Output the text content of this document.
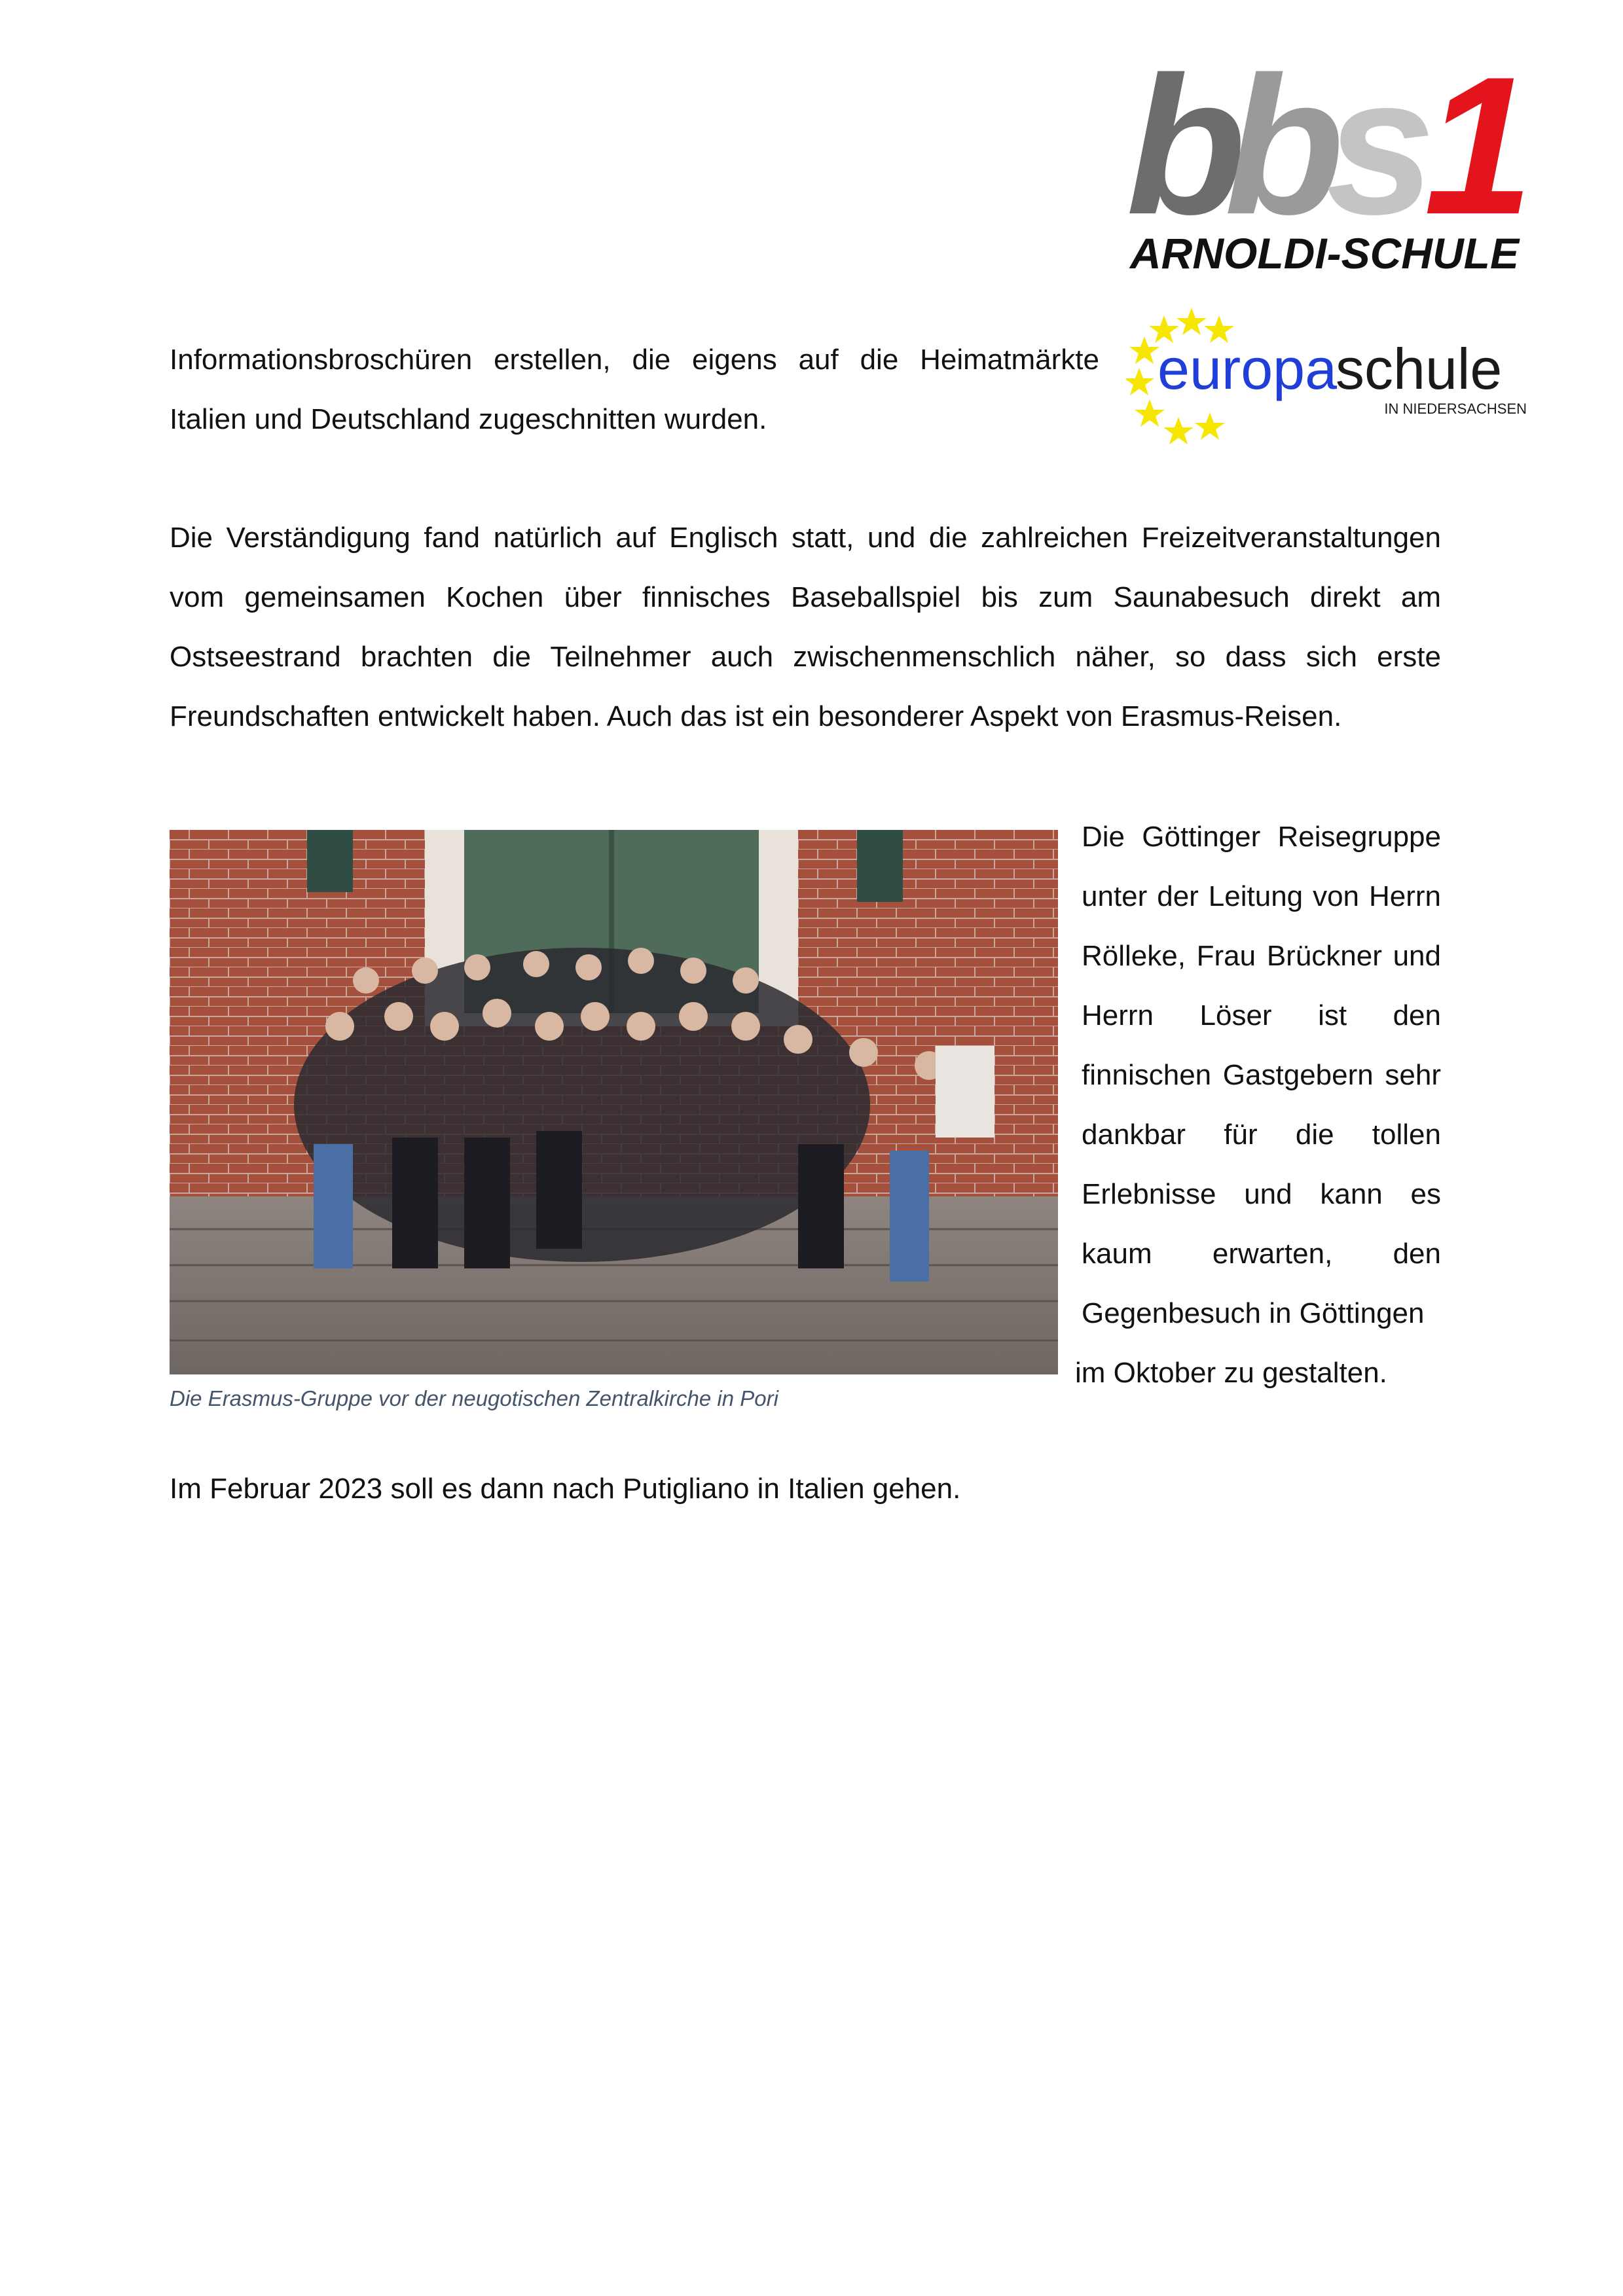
b
b s 1
ARNOLDI-SCHULE
europa
schule
IN NIEDERSACHSEN
Informationsbroschüren erstellen, die eigens auf die Heimatmärkte Italien und Deutschland zugeschnitten wurden.
Die Verständigung fand natürlich auf Englisch statt, und die zahlreichen Freizeitveranstaltungen vom gemeinsamen Kochen über finnisches Baseballspiel bis zum Saunabesuch direkt am Ostseestrand brachten die Teilnehmer auch zwischenmenschlich näher, so dass sich erste Freundschaften entwickelt haben. Auch das ist ein besonderer Aspekt von Erasmus-Reisen.
Die Erasmus-Gruppe vor der neugotischen Zentralkirche in Pori
Die Göttinger Reisegruppe unter der Leitung von Herrn Rölleke, Frau Brückner und Herrn Löser ist den finnischen Gastgebern sehr dankbar für die tollen Erlebnisse und kann es kaum erwarten, den Gegenbesuch in Göttingen
im Oktober zu gestalten.
Im Februar 2023 soll es dann nach Putigliano in Italien gehen.
